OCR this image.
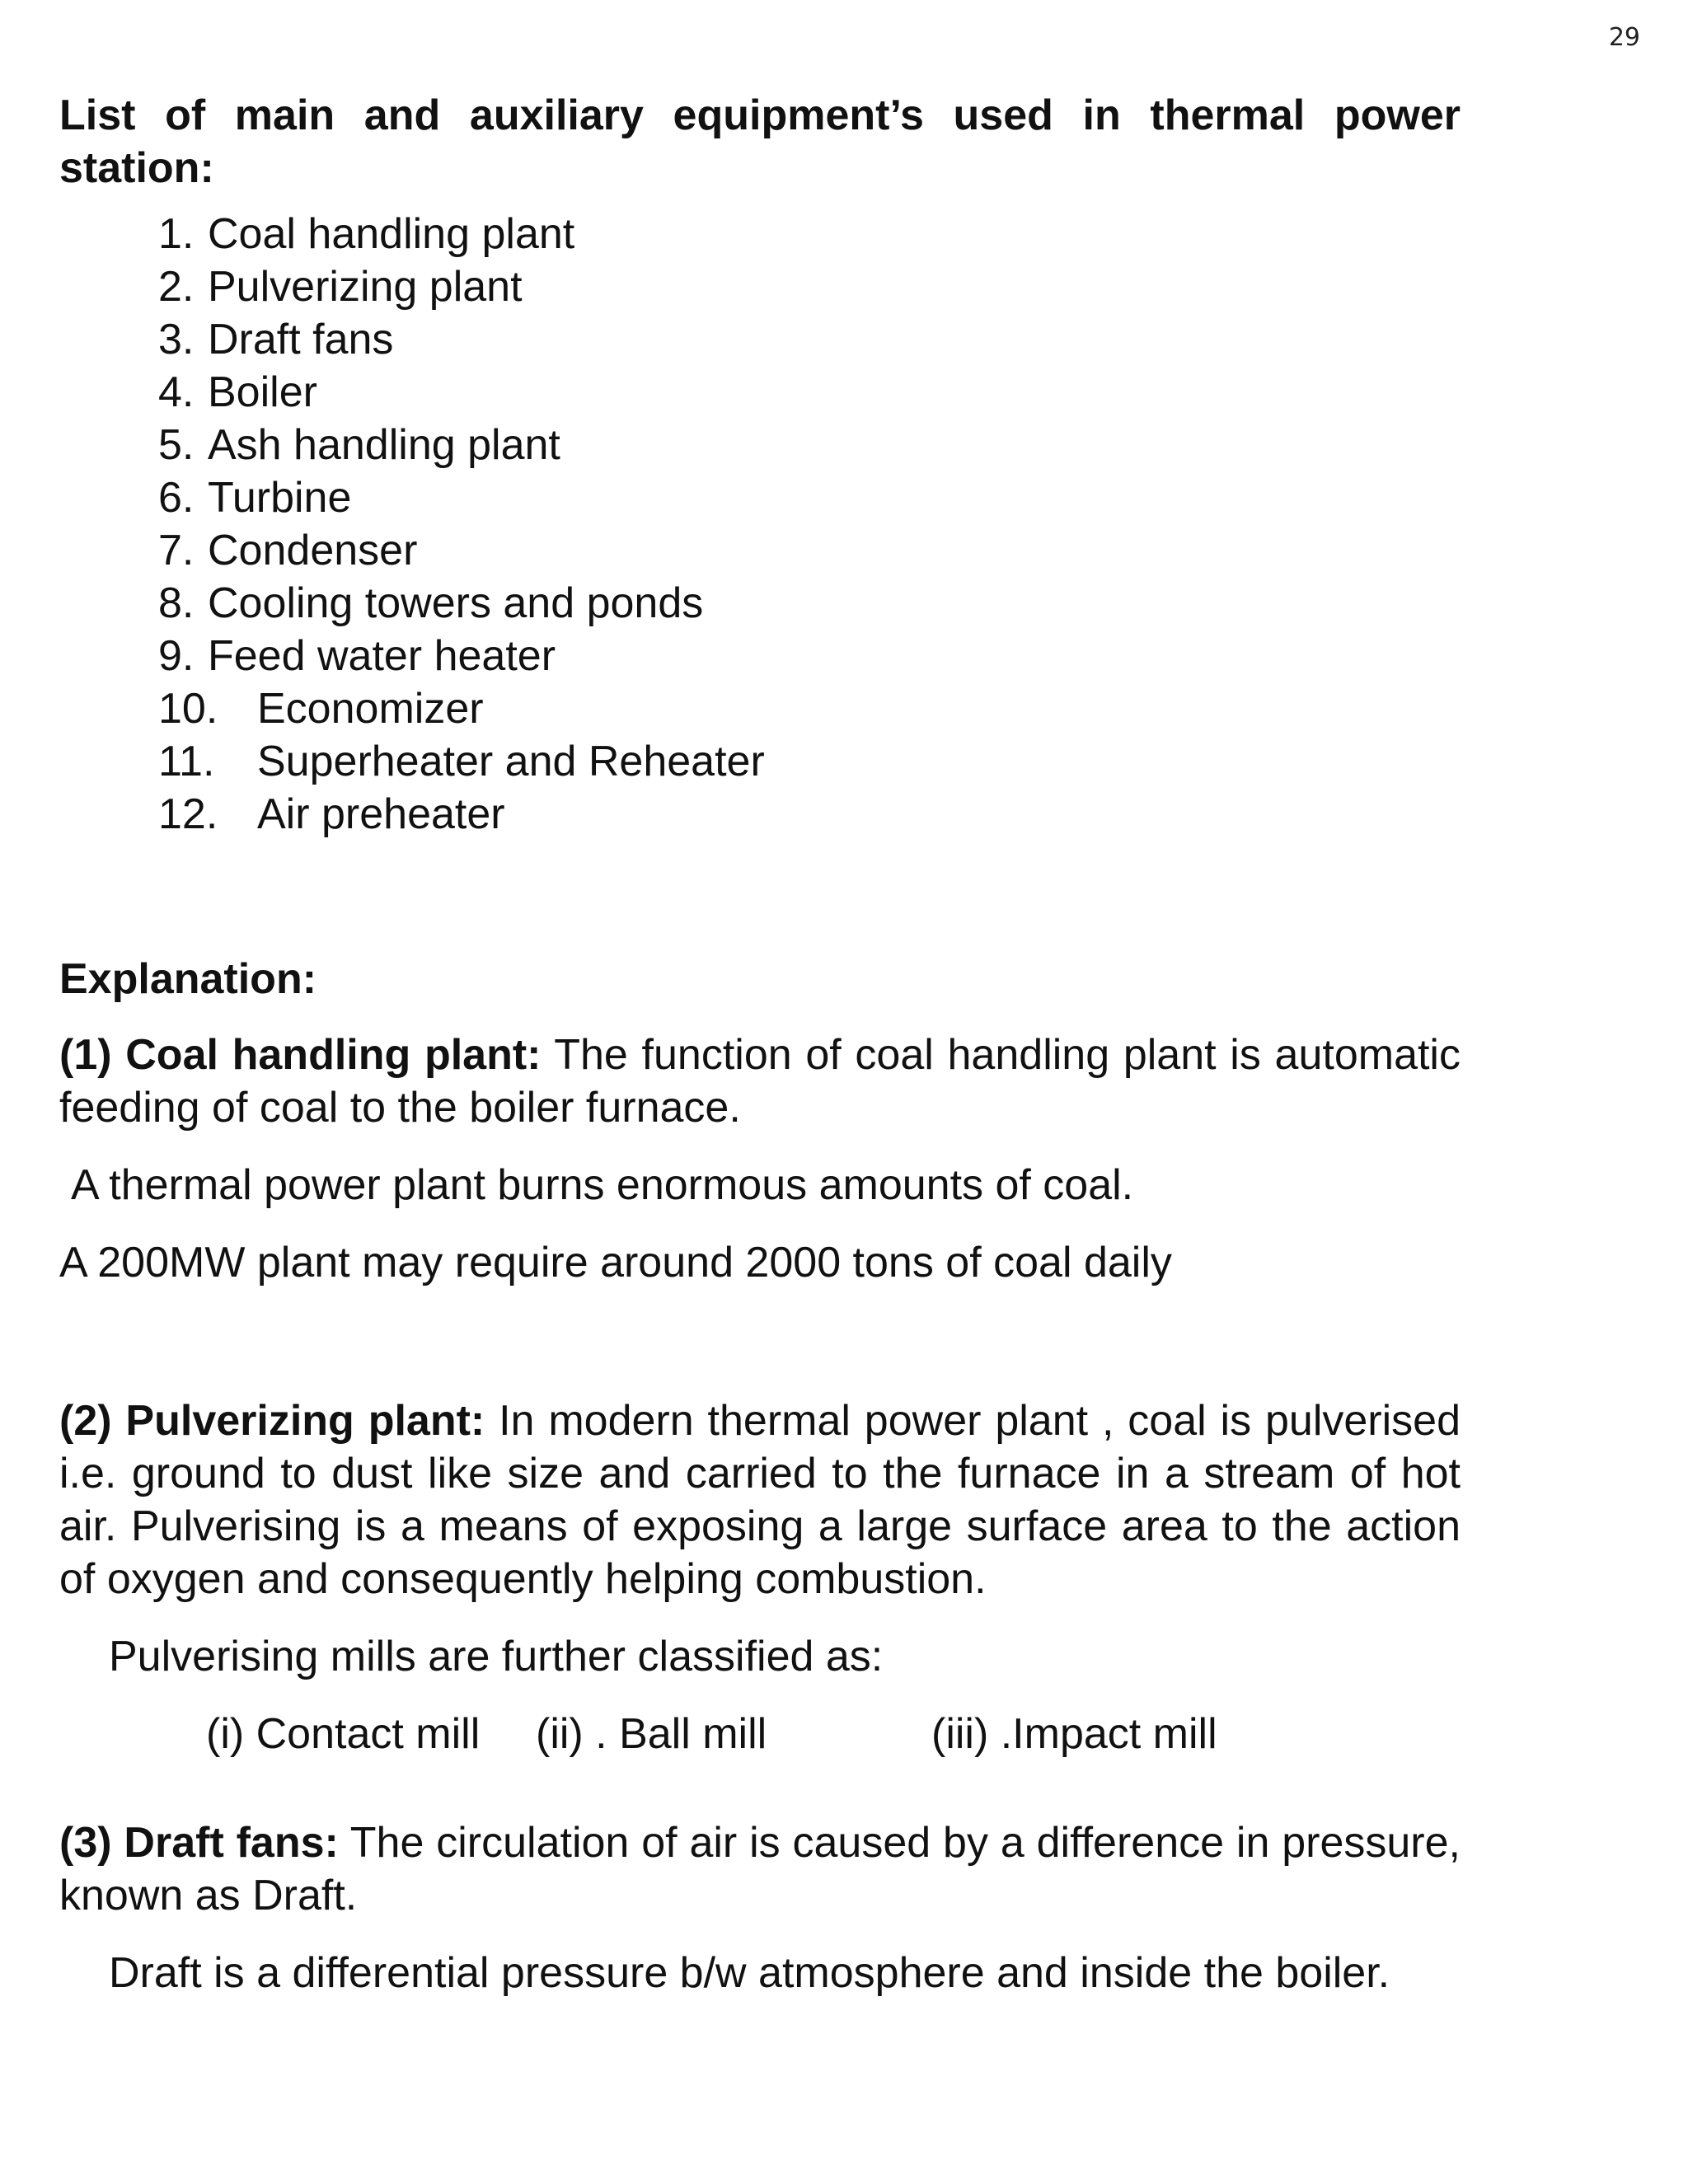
29

List of main and auxiliary equipment’s used in thermal power station:

1. Coal handling plant
2. Pulverizing plant
3. Draft fans
4. Boiler
5. Ash handling plant
6. Turbine
7. Condenser
8. Cooling towers and ponds
9. Feed water heater
10. Economizer
11. Superheater and Reheater
12. Air preheater

Explanation:

(1) Coal handling plant: The function of coal handling plant is automatic feeding of coal to the boiler furnace.

A thermal power plant burns enormous amounts of coal.

A 200MW plant may require around 2000 tons of coal daily

(2) Pulverizing plant: In modern thermal power plant , coal is pulverised i.e. ground to dust like size and carried to the furnace in a stream of hot air. Pulverising is a means of exposing a large surface area to the action of oxygen and consequently helping combustion.

Pulverising mills are further classified as:

(i) Contact mill	(ii) . Ball mill	(iii) .Impact mill

(3) Draft fans: The circulation of air is caused by a difference in pressure, known as Draft.

Draft is a differential pressure b/w atmosphere and inside the boiler.
